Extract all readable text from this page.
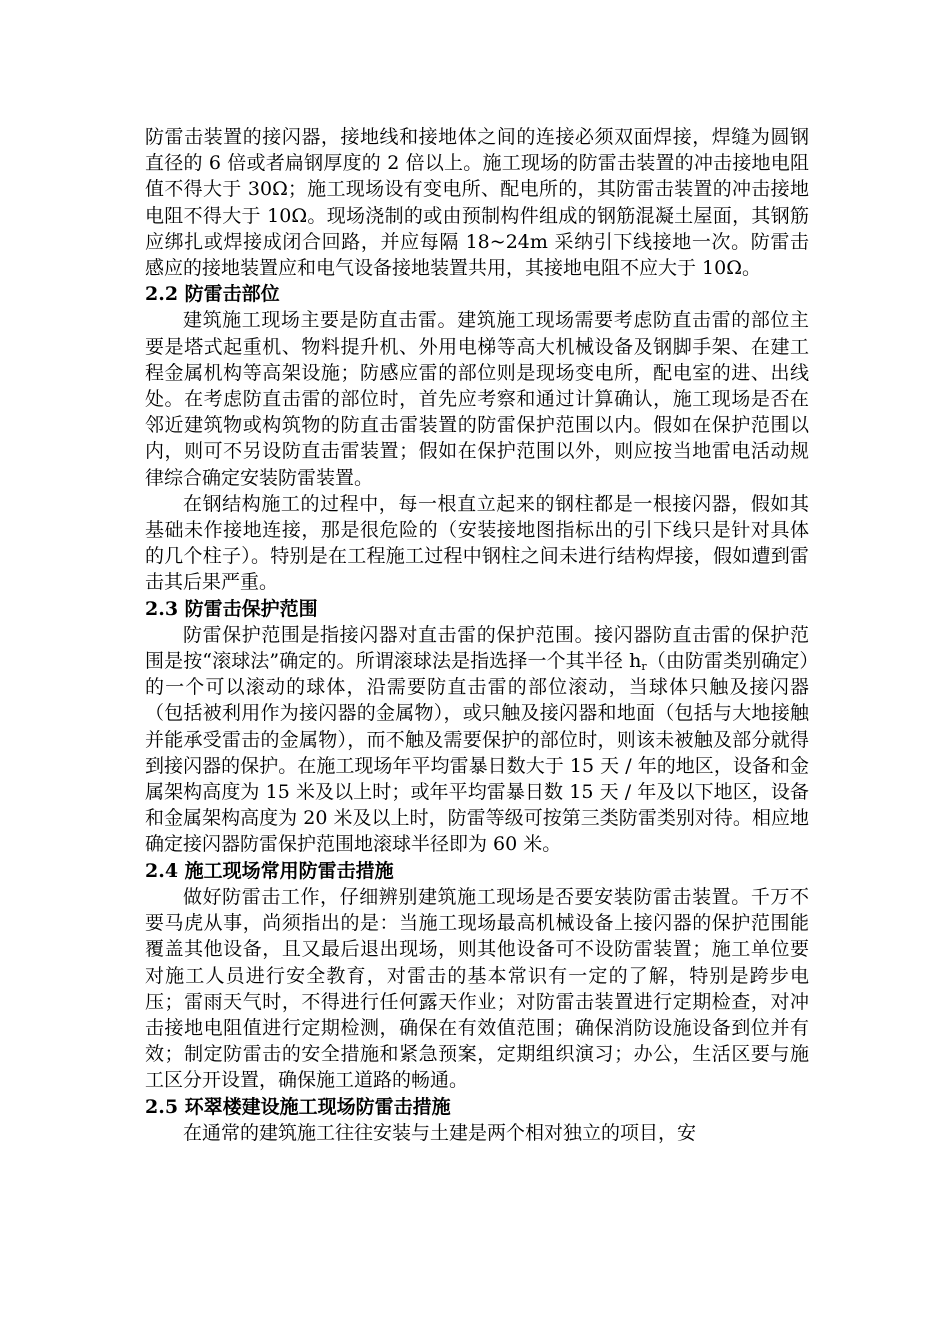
防雷击装置的接闪器，接地线和接地体之间的连接必须双面焊接，焊缝为圆钢直径的 6 倍或者扁钢厚度的 2 倍以上。施工现场的防雷击装置的冲击接地电阻值不得大于 30Ω；施工现场设有变电所、配电所的，其防雷击装置的冲击接地电阻不得大于 10Ω。现场浇制的或由预制构件组成的钢筋混凝土屋面，其钢筋应绑扎或焊接成闭合回路，并应每隔 18~24m 采纳引下线接地一次。防雷击感应的接地装置应和电气设备接地装置共用，其接地电阻不应大于 10Ω。

2.2 防雷击部位

建筑施工现场主要是防直击雷。建筑施工现场需要考虑防直击雷的部位主要是塔式起重机、物料提升机、外用电梯等高大机械设备及钢脚手架、在建工程金属机构等高架设施；防感应雷的部位则是现场变电所，配电室的进、出线处。在考虑防直击雷的部位时，首先应考察和通过计算确认，施工现场是否在邻近建筑物或构筑物的防直击雷装置的防雷保护范围以内。假如在保护范围以内，则可不另设防直击雷装置；假如在保护范围以外，则应按当地雷电活动规律综合确定安装防雷装置。

在钢结构施工的过程中，每一根直立起来的钢柱都是一根接闪器，假如其基础未作接地连接，那是很危险的（安装接地图指标出的引下线只是针对具体的几个柱子）。特别是在工程施工过程中钢柱之间未进行结构焊接，假如遭到雷击其后果严重。

2.3 防雷击保护范围

防雷保护范围是指接闪器对直击雷的保护范围。接闪器防直击雷的保护范围是按“滚球法”确定的。所谓滚球法是指选择一个其半径 $h_r$（由防雷类别确定）的一个可以滚动的球体，沿需要防直击雷的部位滚动，当球体只触及接闪器（包括被利用作为接闪器的金属物），或只触及接闪器和地面（包括与大地接触并能承受雷击的金属物），而不触及需要保护的部位时，则该未被触及部分就得到接闪器的保护。在施工现场年平均雷暴日数大于 15 天 / 年的地区，设备和金属架构高度为 15 米及以上时；或年平均雷暴日数 15 天 / 年及以下地区，设备和金属架构高度为 20 米及以上时，防雷等级可按第三类防雷类别对待。相应地确定接闪器防雷保护范围地滚球半径即为 60 米。

2.4 施工现场常用防雷击措施

做好防雷击工作，仔细辨别建筑施工现场是否要安装防雷击装置。千万不要马虎从事，尚须指出的是：当施工现场最高机械设备上接闪器的保护范围能覆盖其他设备，且又最后退出现场，则其他设备可不设防雷装置；施工单位要对施工人员进行安全教育，对雷击的基本常识有一定的了解，特别是跨步电压；雷雨天气时，不得进行任何露天作业；对防雷击装置进行定期检查，对冲击接地电阻值进行定期检测，确保在有效值范围；确保消防设施设备到位并有效；制定防雷击的安全措施和紧急预案，定期组织演习；办公，生活区要与施工区分开设置，确保施工道路的畅通。

2.5 环翠楼建设施工现场防雷击措施

在通常的建筑施工往往安装与土建是两个相对独立的项目，安
